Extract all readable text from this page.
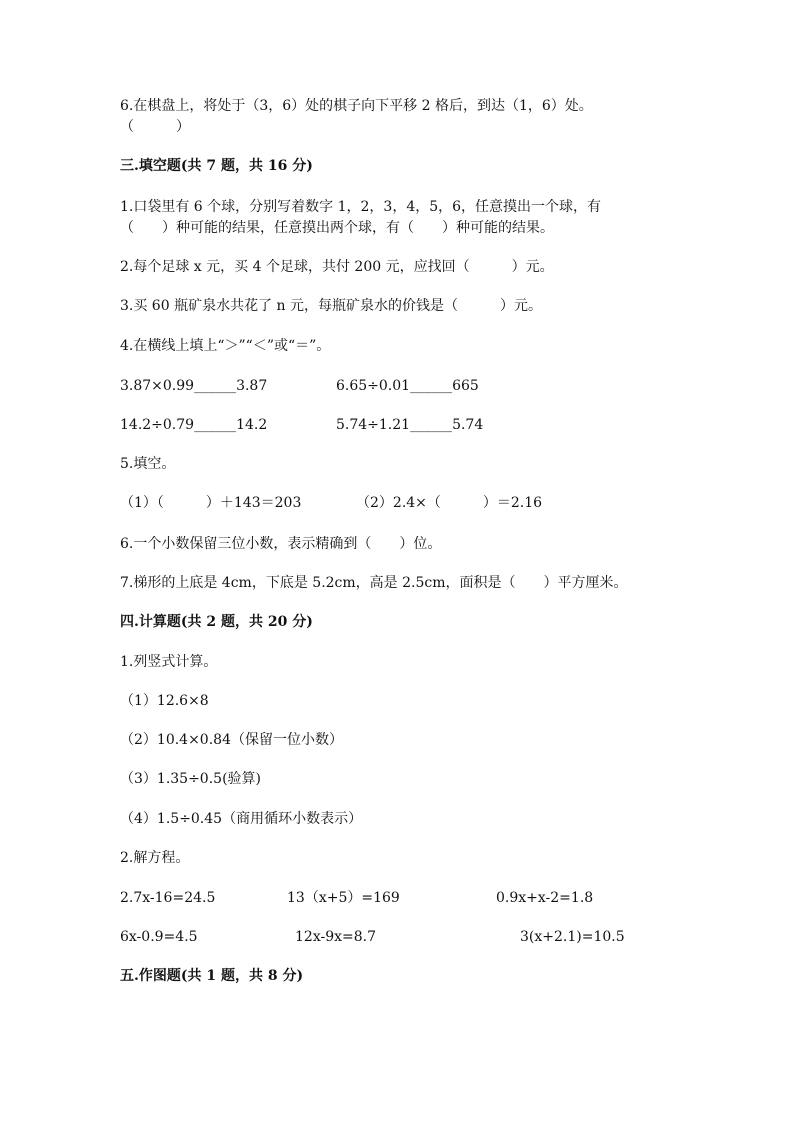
6.在棋盘上，将处于（3，6）处的棋子向下平移 2 格后，到达（1，6）处。
（　　　）
三.填空题(共 7 题，共 16 分)
1.口袋里有 6 个球，分别写着数字 1，2，3，4，5，6，任意摸出一个球，有
（　　）种可能的结果，任意摸出两个球，有（　　）种可能的结果。
2.每个足球 x 元，买 4 个足球，共付 200 元，应找回（　　　）元。
3.买 60 瓶矿泉水共花了 n 元，每瓶矿泉水的价钱是（　　　）元。
4.在横线上填上“＞”“＜”或“＝”。
3.87×0.99______3.87	6.65÷0.01______665
14.2÷0.79______14.2	5.74÷1.21______5.74
5.填空。
（1）（　　　）＋143＝203	（2）2.4×（　　　）＝2.16
6.一个小数保留三位小数，表示精确到（　　）位。
7.梯形的上底是 4cm，下底是 5.2cm，高是 2.5cm，面积是（　　）平方厘米。
四.计算题(共 2 题，共 20 分)
1.列竖式计算。
（1）12.6×8
（2）10.4×0.84（保留一位小数）
（3）1.35÷0.5(验算)
（4）1.5÷0.45（商用循环小数表示）
2.解方程。
2.7x-16=24.5	13（x+5）=169	0.9x+x-2=1.8
6x-0.9=4.5	12x-9x=8.7	3(x+2.1)=10.5
五.作图题(共 1 题，共 8 分)
